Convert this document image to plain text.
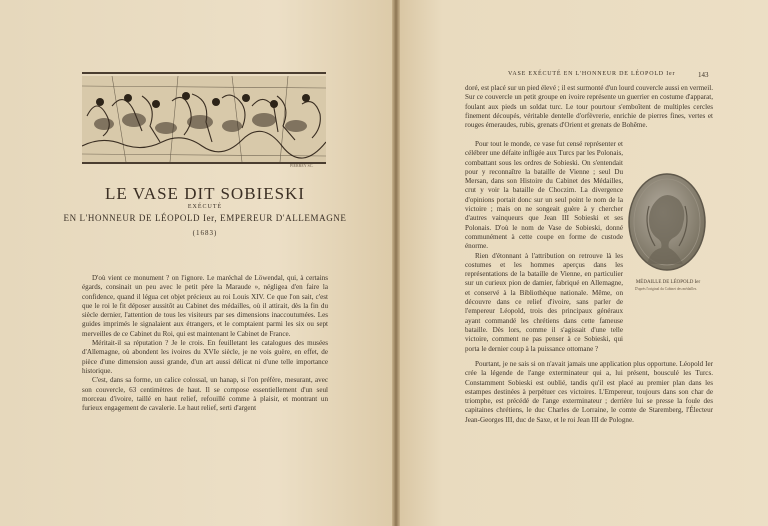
PIERREY SC.
LE VASE DIT SOBIESKI
EXÉCUTÉ
EN L'HONNEUR DE LÉOPOLD Ier, EMPEREUR D'ALLEMAGNE
(1683)

D'où vient ce monument ? on l'ignore. Le maréchal de Löwendal, qui, à certains égards, consinait un peu avec le petit père la Maraude », négligea d'en faire la confidence, quand il légua cet objet précieux au roi Louis XIV. Ce que l'on sait, c'est que le roi le fit déposer aussitôt au Cabinet des médailles, où il attirait, dès la fin du siècle dernier, l'attention de tous les visiteurs par ses dimensions inaccoutumées. Les guides imprimés le signalaient aux étrangers, et le comptaient parmi les six ou sept merveilles de ce Cabinet du Roi, qui est maintenant le Cabinet de France.

Méritait-il sa réputation ? Je le crois. En feuilletant les catalogues des musées d'Allemagne, où abondent les ivoires du XVIe siècle, je ne vois guère, en effet, de pièce d'une dimension aussi grande, d'un art aussi délicat ni d'une telle importance historique.

C'est, dans sa forme, un calice colossal, un hanap, si l'on préfère, mesurant, avec son couvercle, 63 centimètres de haut. Il se compose essentiellement d'un seul morceau d'ivoire, taillé en haut relief, refouillé comme à plaisir, et montrant un furieux engagement de cavalerie. Le haut relief, serti d'argent

VASE EXÉCUTÉ EN L'HONNEUR DE LÉOPOLD Ier	143

doré, est placé sur un pied élevé ; il est surmonté d'un lourd couvercle aussi en vermeil. Sur ce couvercle un petit groupe en ivoire représente un guerrier en costume d'apparat, foulant aux pieds un soldat turc. Le tour pourtour s'emboîtent de multiples cercles finement découpés, véritable dentelle d'orfèvrerie, enrichie de pierres fines, vertes et rouges émeraudes, rubis, grenats d'Orient et grenats de Bohême.

Pour tout le monde, ce vase fut censé représenter et célébrer une défaite infligée aux Turcs par les Polonais, combattant sous les ordres de Sobieski. On s'entendait pour y reconnaître la bataille de Vienne ; seul Du Mersan, dans son Histoire du Cabinet des Médailles, crut y voir la bataille de Choczim. La divergence d'opinions portait donc sur un seul point le nom de la victoire ; mais on ne songeait guère à y chercher d'autres vainqueurs que Jean III Sobieski et ses Polonais. D'où le nom de Vase de Sobieski, donné communément à cette coupe en forme de custode énorme.

Rien d'étonnant à l'attribution on retrouve là les costumes et les hommes aperçus dans les représentations de la bataille de Vienne, en particulier sur un curieux pion de damier, fabriqué en Allemagne, et conservé à la Bibliothèque nationale. Même, on découvre dans ce relief d'ivoire, sans parler de l'empereur Léopold, trois des principaux généraux ayant commandé les chrétiens dans cette fameuse bataille. Dès lors, comme il s'agissait d'une telle victoire, comment ne pas penser à ce Sobieski, qui porta le dernier coup à la puissance ottomane ?

MÉDAILLE DE LÉOPOLD Ier
D'après l'original du Cabinet des médailles.

Pourtant, je ne sais si on n'avait jamais une application plus opportune. Léopold Ier crée la légende de l'ange exterminateur qui a, lui présent, bousculé les Turcs. Constamment Sobieski est oublié, tandis qu'il est placé au premier plan dans les estampes destinées à perpétuer ces victoires. L'Empereur, toujours dans son char de triomphe, est précédé de l'ange exterminateur ; derrière lui se presse la foule des capitaines chrétiens, le duc Charles de Lorraine, le comte de Staremberg, l'Électeur Jean-Georges III, duc de Saxe, et le roi Jean III de Pologne.
